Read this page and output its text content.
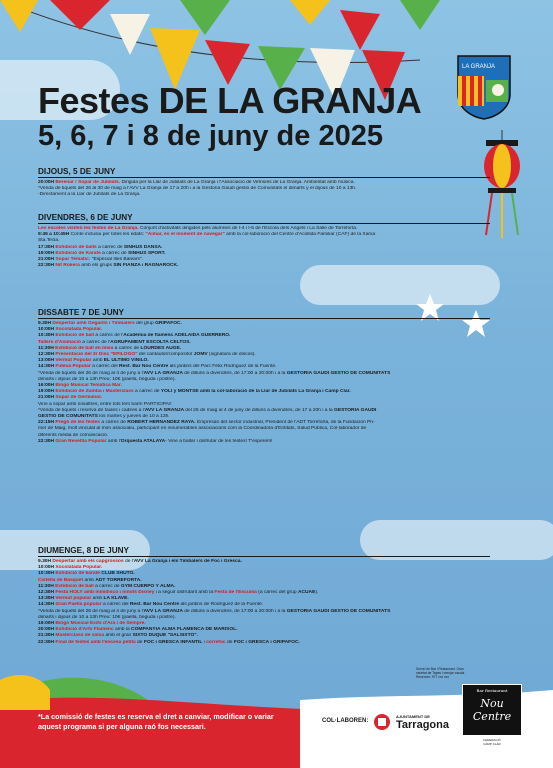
LA GRANJA
Festes DE LA GRANJA
5, 6, 7 i 8 de juny de 2025
DIJOUS, 5 DE JUNY
20:00H Berenar / Sopar de Jubilats. Dirigida per la Llar de Jubilats de La Granja i l'Associació de Veïns/es de La Granja. Ambientat amb música.
*Venda de tiquets del 26 al 30 de maig a l'AVV La Granja de 17 a 20h i a la Gestoria Gaudí gestió de Comunitats el dimarts y el dijous de 10 a 13h.
-Directament a la Llar de Jubilats de La Granja.
DIVENDRES, 6 DE JUNY
Les escoles visiten les festes de La Granja. Conjunt d'activitats dirigides pels alumnes de I-4 i I-5 de l'Escola dels Àngels i La Salle de Torreforta.
9:45 a 10:45H Conte inclusiu per totes les edats: "Aimar, és el moment de navegar" amb la col·laboració del Centre d'Acollida Familiar (CAF) de la Xarxa
Sta.Tecla.
17:30H Exhibició de balls a càrrec de SINHUS DANSA.
19:00H Exhibició de Karate a càrrec de SINHUS SPORT.
21:00H Sopar Temàtic: "Especial Illes Balears".
22:30H Nit Rokera amb els grups SIN FIANZA i RAGNAROCK.
DISSABTE 7 DE JUNY
9.30H Despertar amb Gegants i Timbalers del grup GRIPAFOC.
10:00H Xocolatada Popular.
10:30H Exhibició de ball a càrrec de l'Acadèmia de flamenc ADELAIDA GUERRERO.
Tallers d'Animació a càrrec de l'AGRUPAMENT ESCOLTA CELTOS.
11:30H Exhibició de ball en línea a càrrec de LOURDES AUGÉ.
12:30H Presentació del 3r Disc "EPÍLOGO" del cantautor/compositor JOMV (signatura de discos).
13:00H Vermut Popular amb EL ÚLTIMO VINILO.
14:30H Fideuà Popular a càrrec del Rest. Bar Nou Centre als jardins del Parc Fèlix Rodríguez de la Fuente.
*Venda de tiquets del 26 de maig al 4 de juny a l'AVV LA GRANJA de dilluns a divendres, de 17:00 a 20:00h i a la GESTORIA GAUDÍ GESTIÓ DE COMUNITATS
dimarts i dijous de 10 a 13h Preu: 10€ (paella, beguda i postre).
16:00H Bingo Musical Temàtica Mar.
19:00H Exhibició de Zumba i Masterclass a càrrec de YOLI y MONTSE amb la col·laboració de la Llar de Jubilats La Granja i Camp Clar.
21:00H Sopar de Germanor.
Vine a sopar amb nosaltres, entre tots fem barri! PARTICIPA!!
*Venda de tiquets i reserva de taules i cadires a l'AVV LA GRANJA del 26 de maig al 4 de juny de dilluns a divendres, de 17 a 20h i a la GESTORIA GAUDÍ
GESTIÓ DE COMUNITATS los martes y jueves de 10 a 13h.
22:15H Pregó de les festes a càrrec de ROBERT HERNÁNDEZ RAYA. Empresari del sector industrial, President de l'ADT Torreforta, de la Fundación Pri-
mer de Maig, molt vinculat al món associatiu, participant en innumerables associacions com la Coordinadora d'Entitats, Salud Pública, Col·laborador de
diferents mèdia de comunicació.
22:30H Gran Revetlla Popular amb l'Orquesta ATALAYA- Vine a ballar i disfrutar de les festes! T'esperem!
DIUMENGE, 8 DE JUNY
9.30H Despertar amb els capgrossos de l'AVV La Granja i els Timbalers de Foc i Gresca.
10:00H Xocolatada Popular.
10:30H Exhibició de karate CLUB SHUTO.
Cistella de Bàsquet amb ADT TORREFORTA.
11:30H Exhibició de ball a càrrec de GYM CUERPO Y ALMA.
12:30H Festa HOLY amb minidisco i ninots Disney i a seguir disfrutant amb la Festa de l'Escuma (a càrrec del grup ACUAE).
13:30H Vermut popular amb LA KLAVE.
14:30H Gran Paella popular a càrrec del Rest. Bar Nou Centre als jardins de Rodríguez de la Fuente.
*Venda de tiquets del 26 de maig al 4 de juny a l'AVV LA GRANJA de dilluns a divendres, de 17:00 a 20:00h i a la GESTORIA GAUDÍ GESTIÓ DE COMUNITATS
dimarts i dijous de 10 a 13h Preu: 10€ (paella, beguda i postre).
16:00H Bingo Musical Èxits d'Ara i de Sempre.
20:00H Exhibició d'Arts Flamenc amb la COMPANYIA ALMA FLAMENCA DE MARISOL.
21:30H Masterclass de salsa amb el gran SIXTO DUQUE "SALSIXTO".
22:30H Final de festes amb l'encesa petita de FOC i GRESCA INFANTIL i correfoc de FOC i GRESCA i GRIPAFOC.
*La comissió de festes es reserva el dret a canviar, modificar o variar aquest programa si per alguna raó fos necessari.
COL·LABOREN:
AJUNTAMENT DE
Tarragona
Servei de Bar i Restaurant. Gran varietat de Tapes i menjar casolà. Reserves: 977 xxx xxx
Bar Restaurant
Nou Centre
FEDERACIÓ
CAMP CLAR
